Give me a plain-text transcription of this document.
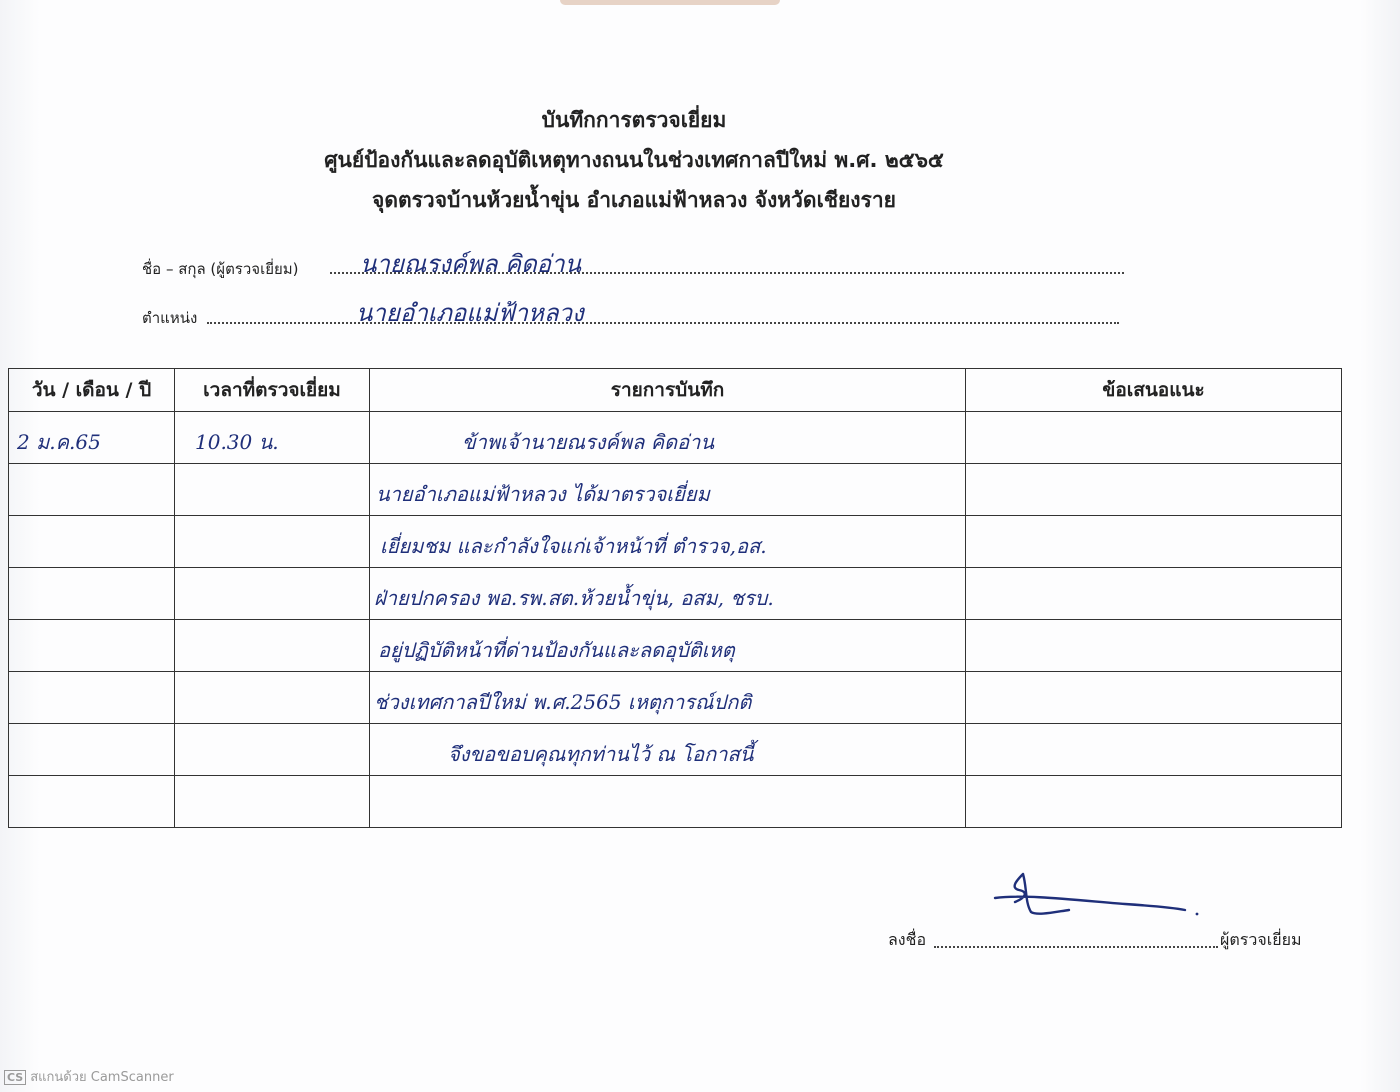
บันทึกการตรวจเยี่ยม
ศูนย์ป้องกันและลดอุบัติเหตุทางถนนในช่วงเทศกาลปีใหม่ พ.ศ. ๒๕๖๕
จุดตรวจบ้านห้วยน้ำขุ่น อำเภอแม่ฟ้าหลวง จังหวัดเชียงราย
ชื่อ – สกุล (ผู้ตรวจเยี่ยม)	นายณรงค์พล คิดอ่าน
ตำแหน่ง	นายอำเภอแม่ฟ้าหลวง
วัน / เดือน / ปี	เวลาที่ตรวจเยี่ยม	รายการบันทึก	ข้อเสนอแนะ

2 ม.ค.65	10.30 น.	ข้าพเจ้านายณรงค์พล คิดอ่าน	

		นายอำเภอแม่ฟ้าหลวง ได้มาตรวจเยี่ยม	

		เยี่ยมชม และกำลังใจแก่เจ้าหน้าที่ ตำรวจ,อส.	

		ฝ่ายปกครอง พอ.รพ.สต.ห้วยน้ำขุ่น, อสม, ชรบ.	

		อยู่ปฏิบัติหน้าที่ด่านป้องกันและลดอุบัติเหตุ	

		ช่วงเทศกาลปีใหม่ พ.ศ.2565 เหตุการณ์ปกติ	

		จึงขอขอบคุณทุกท่านไว้ ณ โอกาสนี้	

ลงชื่อ	ผู้ตรวจเยี่ยม
CS สแกนด้วย CamScanner
